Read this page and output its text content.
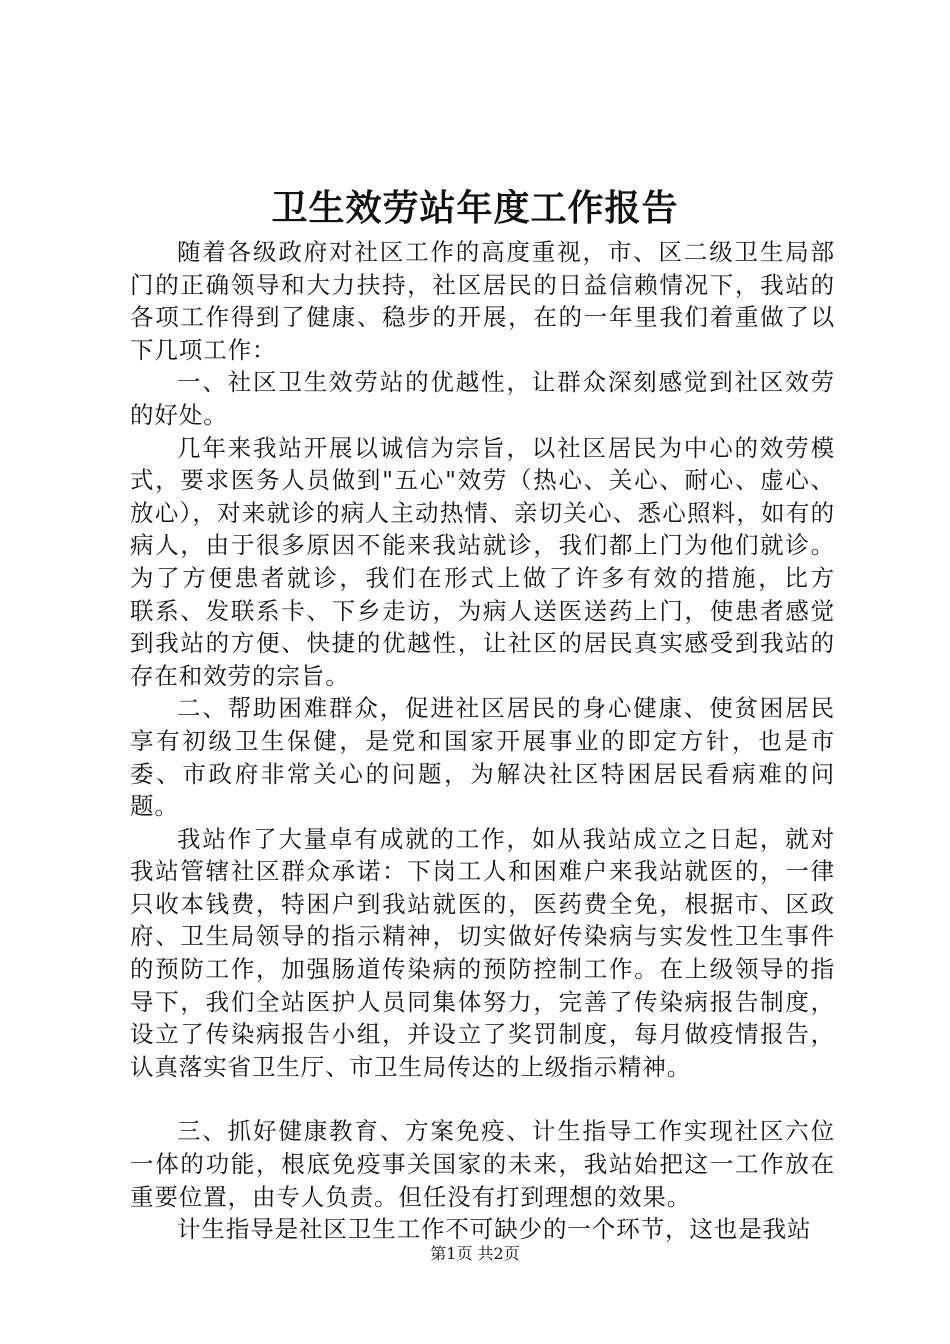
卫生效劳站年度工作报告

随着各级政府对社区工作的高度重视，市、区二级卫生局部门的正确领导和大力扶持，社区居民的日益信赖情况下，我站的各项工作得到了健康、稳步的开展，在的一年里我们着重做了以下几项工作：

一、社区卫生效劳站的优越性，让群众深刻感觉到社区效劳的好处。

几年来我站开展以诚信为宗旨，以社区居民为中心的效劳模式，要求医务人员做到"五心"效劳（热心、关心、耐心、虚心、放心），对来就诊的病人主动热情、亲切关心、悉心照料，如有的病人，由于很多原因不能来我站就诊，我们都上门为他们就诊。为了方便患者就诊，我们在形式上做了许多有效的措施，比方　　联系、发联系卡、下乡走访，为病人送医送药上门，使患者感觉到我站的方便、快捷的优越性，让社区的居民真实感受到我站的存在和效劳的宗旨。

二、帮助困难群众，促进社区居民的身心健康、使贫困居民享有初级卫生保健，是党和国家开展事业的即定方针，也是市委、市政府非常关心的问题，为解决社区特困居民看病难的问题。

我站作了大量卓有成就的工作，如从我站成立之日起，就对我站管辖社区群众承诺：下岗工人和困难户来我站就医的，一律只收本钱费，特困户到我站就医的，医药费全免，根据市、区政府、卫生局领导的指示精神，切实做好传染病与实发性卫生事件的预防工作，加强肠道传染病的预防控制工作。在上级领导的指导下，我们全站医护人员同集体努力，完善了传染病报告制度，设立了传染病报告小组，并设立了奖罚制度，每月做疫情报告，认真落实省卫生厅、市卫生局传达的上级指示精神。

三、抓好健康教育、方案免疫、计生指导工作实现社区六位一体的功能，根底免疫事关国家的未来，我站始把这一工作放在重要位置，由专人负责。但任没有打到理想的效果。

计生指导是社区卫生工作不可缺少的一个环节，这也是我站

第1页 共2页
